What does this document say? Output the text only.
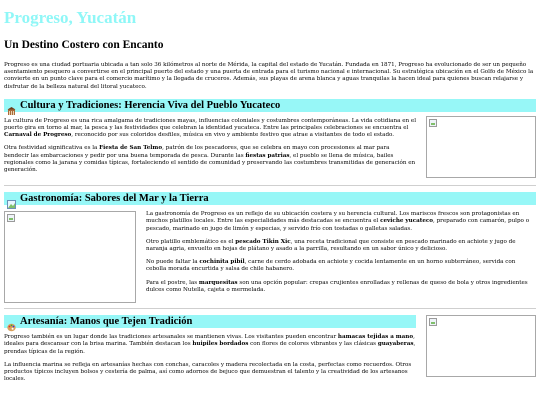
Progreso, Yucatán
Un Destino Costero con Encanto

Progreso es una ciudad portuaria ubicada a tan solo 36 kilómetros al norte de Mérida, la capital del estado de Yucatán. Fundada en 1871, Progreso ha evolucionado de ser un pequeño asentamiento pesquero a convertirse en el principal puerto del estado y una puerta de entrada para el turismo nacional e internacional. Su estratégica ubicación en el Golfo de México la convierte en un punto clave para el comercio marítimo y la llegada de cruceros. Además, sus playas de arena blanca y aguas tranquilas la hacen ideal para quienes buscan relajarse y disfrutar de la belleza natural del litoral yucateco.

Cultura y Tradiciones: Herencia Viva del Pueblo Yucateco

La cultura de Progreso es una rica amalgama de tradiciones mayas, influencias coloniales y costumbres contemporáneas. La vida cotidiana en el puerto gira en torno al mar, la pesca y las festividades que celebran la identidad yucateca. Entre las principales celebraciones se encuentra el Carnaval de Progreso, reconocido por sus coloridos desfiles, música en vivo y ambiente festivo que atrae a visitantes de todo el estado.

Otra festividad significativa es la Fiesta de San Telmo, patrón de los pescadores, que se celebra en mayo con procesiones al mar para bendecir las embarcaciones y pedir por una buena temporada de pesca. Durante las fiestas patrias, el pueblo se llena de música, bailes regionales como la jarana y comidas típicas, fortaleciendo el sentido de comunidad y preservando las costumbres transmitidas de generación en generación.

Gastronomía: Sabores del Mar y la Tierra

La gastronomía de Progreso es un reflejo de su ubicación costera y su herencia cultural. Los mariscos frescos son protagonistas en muchos platillos locales. Entre las especialidades más destacadas se encuentra el ceviche yucateco, preparado con camarón, pulpo o pescado, marinado en jugo de limón y especias, y servido frío con tostadas o galletas saladas.

Otro platillo emblemático es el pescado Tikin Xic, una receta tradicional que consiste en pescado marinado en achiote y jugo de naranja agria, envuelto en hojas de plátano y asado a la parrilla, resultando en un sabor único y delicioso.

No puede faltar la cochinita pibil, carne de cerdo adobada en achiote y cocida lentamente en un horno subterráneo, servida con cebolla morada encurtida y salsa de chile habanero.

Para el postre, las marquesitas son una opción popular: crepas crujientes enrolladas y rellenas de queso de bola y otros ingredientes dulces como Nutella, cajeta o mermelada.

Artesanía: Manos que Tejen Tradición

Progreso también es un lugar donde las tradiciones artesanales se mantienen vivas. Los visitantes pueden encontrar hamacas tejidas a mano, ideales para descansar con la brisa marina. También destacan los huipiles bordados con flores de colores vibrantes y las clásicas guayaberas, prendas típicas de la región.

La influencia marina se refleja en artesanías hechas con conchas, caracoles y madera recolectada en la costa, perfectas como recuerdos. Otros productos típicos incluyen bolsos y cestería de palma, así como adornos de bejuco que demuestran el talento y la creatividad de los artesanos locales.
